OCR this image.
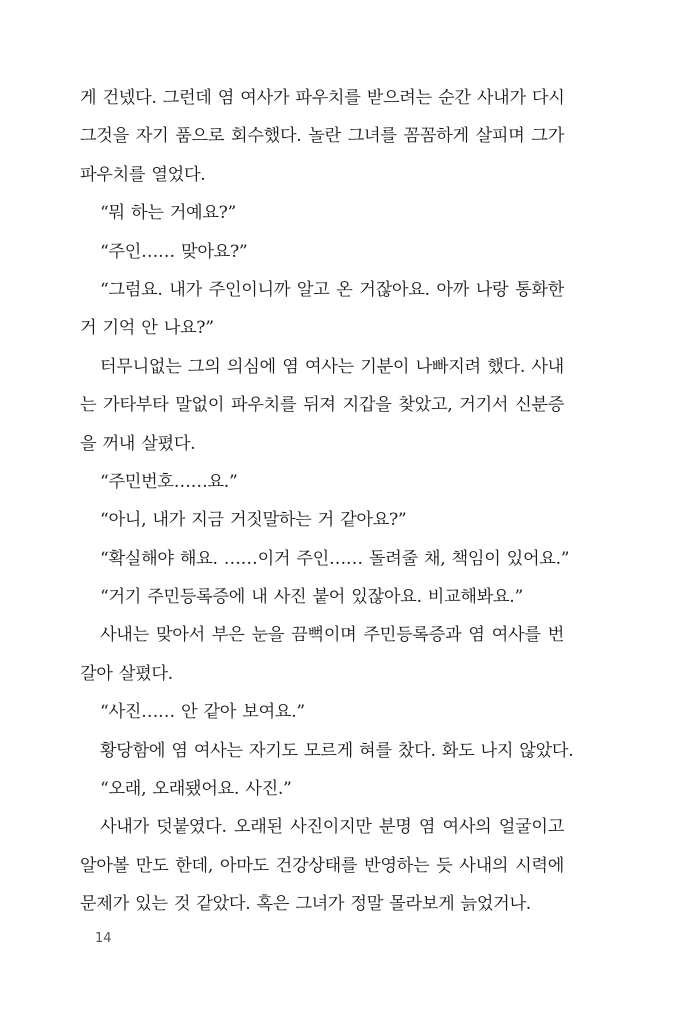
게 건넸다. 그런데 염 여사가 파우치를 받으려는 순간 사내가 다시
그것을 자기 품으로 회수했다. 놀란 그녀를 꼼꼼하게 살피며 그가
파우치를 열었다.
“뭐 하는 거예요?”
“주인…… 맞아요?”
“그럼요. 내가 주인이니까 알고 온 거잖아요. 아까 나랑 통화한
거 기억 안 나요?”
터무니없는 그의 의심에 염 여사는 기분이 나빠지려 했다. 사내
는 가타부타 말없이 파우치를 뒤져 지갑을 찾았고, 거기서 신분증
을 꺼내 살폈다.
“주민번호……요.”
“아니, 내가 지금 거짓말하는 거 같아요?”
“확실해야 해요. ……이거 주인…… 돌려줄 채, 책임이 있어요.”
“거기 주민등록증에 내 사진 붙어 있잖아요. 비교해봐요.”
사내는 맞아서 부은 눈을 끔뻑이며 주민등록증과 염 여사를 번
갈아 살폈다.
“사진…… 안 같아 보여요.”
황당함에 염 여사는 자기도 모르게 혀를 찼다. 화도 나지 않았다.
“오래, 오래됐어요. 사진.”
사내가 덧붙였다. 오래된 사진이지만 분명 염 여사의 얼굴이고
알아볼 만도 한데, 아마도 건강상태를 반영하는 듯 사내의 시력에
문제가 있는 것 같았다. 혹은 그녀가 정말 몰라보게 늙었거나.
14
